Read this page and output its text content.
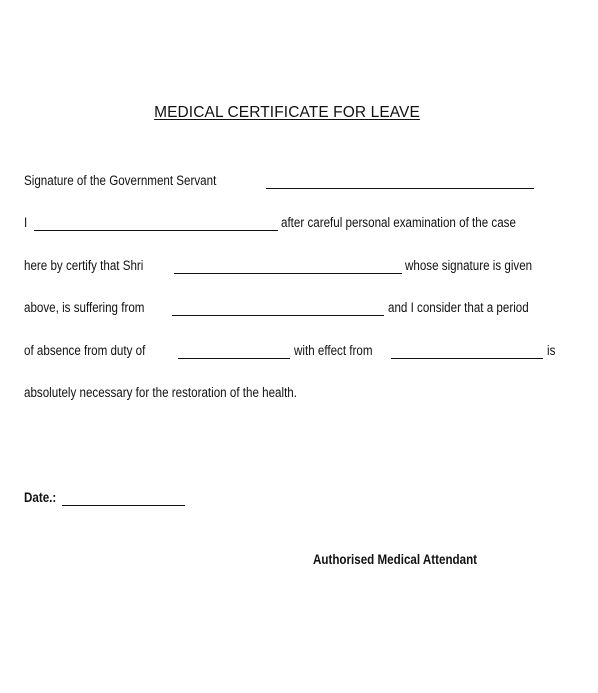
MEDICAL CERTIFICATE FOR LEAVE
Signature of the Government Servant
I	after careful personal examination of the case
here by certify that Shri	whose signature is given
above, is suffering from	and I consider that a period
of absence from duty of	with effect from	is
absolutely necessary for the restoration of the health.
Date.:
Authorised Medical Attendant
